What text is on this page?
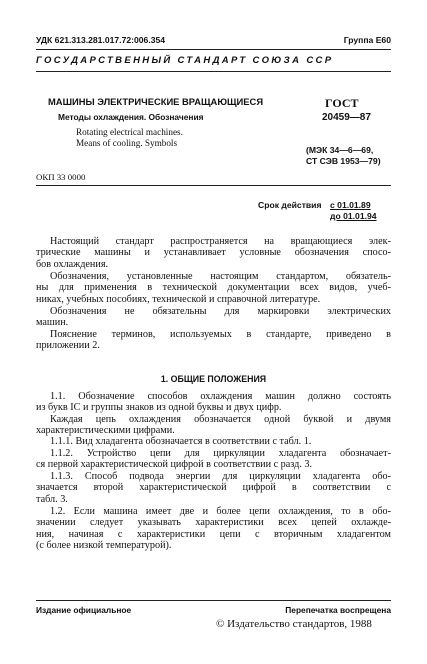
УДК 621.313.281.017.72:006.354	Группа Е60
ГОСУДАРСТВЕННЫЙ СТАНДАРТ СОЮЗА ССР
МАШИНЫ ЭЛЕКТРИЧЕСКИЕ ВРАЩАЮЩИЕСЯ
Методы охлаждения. Обозначения
Rotating electrical machines.
Means of cooling. Symbols
ГОСТ
20459—87
(МЭК 34—6—69,
СТ СЭВ 1953—79)
ОКП 33 0000
Срок действия с 01.01.89
до 01.01.94
Настоящий стандарт распространяется на вращающиеся элек-
трические машины и устанавливает условные обозначения спосо-
бов охлаждения.
Обозначения, установленные настоящим стандартом, обязатель-
ны для применения в технической документации всех видов, учеб-
никах, учебных пособиях, технической и справочной литературе.
Обозначения не обязательны для маркировки электрических
машин.
Пояснение терминов, используемых в стандарте, приведено в
приложении 2.
1. ОБЩИЕ ПОЛОЖЕНИЯ
1.1. Обозначение способов охлаждения машин должно состоять
из букв IC и группы знаков из одной буквы и двух цифр.
Каждая цепь охлаждения обозначается одной буквой и двумя
характеристическими цифрами.
1.1.1. Вид хладагента обозначается в соответствии с табл. 1.
1.1.2. Устройство цепи для циркуляции хладагента обозначает-
ся первой характеристической цифрой в соответствии с разд. 3.
1.1.3. Способ подвода энергии для циркуляции хладагента обо-
значается второй характеристической цифрой в соответствии с
табл. 3.
1.2. Если машина имеет две и более цепи охлаждения, то в обо-
значении следует указывать характеристики всех цепей охлажде-
ния, начиная с характеристики цепи с вторичным хладагентом
(с более низкой температурой).
Издание официальное	Перепечатка воспрещена
© Издательство стандартов, 1988
